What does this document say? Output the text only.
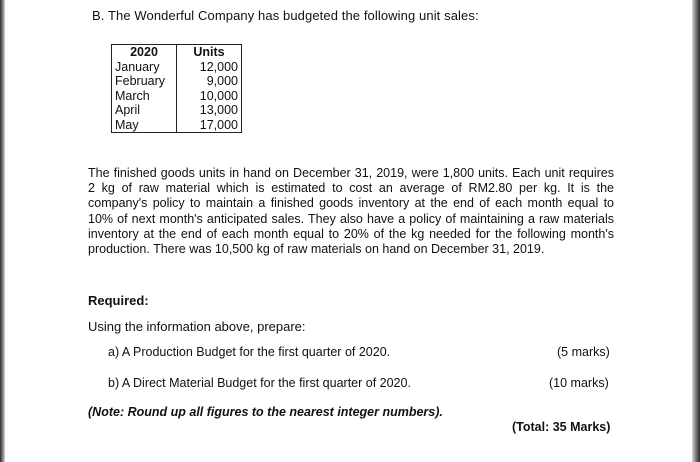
B. The Wonderful Company has budgeted the following unit sales:
2020	Units
January	12,000
February	9,000
March	10,000
April	13,000
May	17,000
The finished goods units in hand on December 31, 2019, were 1,800 units. Each unit requires 2 kg of raw material which is estimated to cost an average of RM2.80 per kg. It is the company's policy to maintain a finished goods inventory at the end of each month equal to 10% of next month's anticipated sales. They also have a policy of maintaining a raw materials inventory at the end of each month equal to 20% of the kg needed for the following month's production. There was 10,500 kg of raw materials on hand on December 31, 2019.
Required:
Using the information above, prepare:
a) A Production Budget for the first quarter of 2020.	(5 marks)
b) A Direct Material Budget for the first quarter of 2020.	(10 marks)
(Note: Round up all figures to the nearest integer numbers).
(Total: 35 Marks)
